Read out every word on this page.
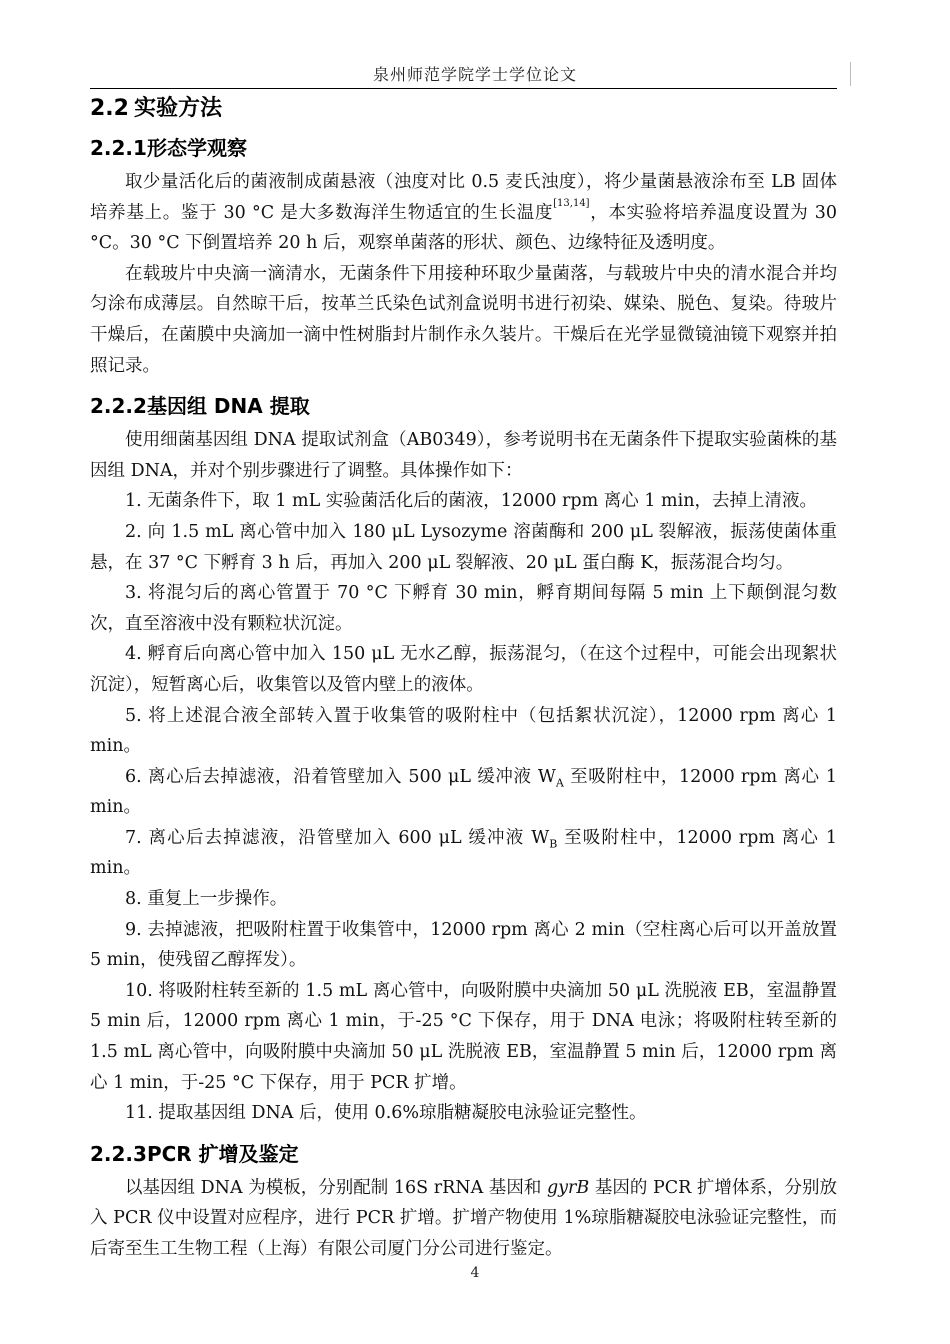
泉州师范学院学士学位论文
2.2 实验方法
2.2.1形态学观察

取少量活化后的菌液制成菌悬液（浊度对比 0.5 麦氏浊度），将少量菌悬液涂布至 LB 固体培养基上。鉴于 30 °C 是大多数海洋生物适宜的生长温度[13,14]，本实验将培养温度设置为 30 °C。30 °C 下倒置培养 20 h 后，观察单菌落的形状、颜色、边缘特征及透明度。

在载玻片中央滴一滴清水，无菌条件下用接种环取少量菌落，与载玻片中央的清水混合并均匀涂布成薄层。自然晾干后，按革兰氏染色试剂盒说明书进行初染、媒染、脱色、复染。待玻片干燥后，在菌膜中央滴加一滴中性树脂封片制作永久装片。干燥后在光学显微镜油镜下观察并拍照记录。

2.2.2基因组 DNA 提取

使用细菌基因组 DNA 提取试剂盒（AB0349），参考说明书在无菌条件下提取实验菌株的基因组 DNA，并对个别步骤进行了调整。具体操作如下：

1. 无菌条件下，取 1 mL 实验菌活化后的菌液，12000 rpm 离心 1 min，去掉上清液。

2. 向 1.5 mL 离心管中加入 180 μL Lysozyme 溶菌酶和 200 μL 裂解液，振荡使菌体重悬，在 37 °C 下孵育 3 h 后，再加入 200 μL 裂解液、20 μL 蛋白酶 K，振荡混合均匀。

3. 将混匀后的离心管置于 70 °C 下孵育 30 min，孵育期间每隔 5 min 上下颠倒混匀数次，直至溶液中没有颗粒状沉淀。

4. 孵育后向离心管中加入 150 μL 无水乙醇，振荡混匀，（在这个过程中，可能会出现絮状沉淀），短暂离心后，收集管以及管内壁上的液体。

5. 将上述混合液全部转入置于收集管的吸附柱中（包括絮状沉淀），12000 rpm 离心 1 min。

6. 离心后去掉滤液，沿着管壁加入 500 μL 缓冲液 $W_A$ 至吸附柱中，12000 rpm 离心 1 min。

7. 离心后去掉滤液，沿管壁加入 600 μL 缓冲液 $W_B$ 至吸附柱中，12000 rpm 离心 1 min。

8. 重复上一步操作。

9. 去掉滤液，把吸附柱置于收集管中，12000 rpm 离心 2 min（空柱离心后可以开盖放置 5 min，使残留乙醇挥发）。

10. 将吸附柱转至新的 1.5 mL 离心管中，向吸附膜中央滴加 50 μL 洗脱液 EB，室温静置 5 min 后，12000 rpm 离心 1 min，于-25 °C 下保存，用于 DNA 电泳；将吸附柱转至新的 1.5 mL 离心管中，向吸附膜中央滴加 50 μL 洗脱液 EB，室温静置 5 min 后，12000 rpm 离心 1 min，于-25 °C 下保存，用于 PCR 扩增。

11. 提取基因组 DNA 后，使用 0.6%琼脂糖凝胶电泳验证完整性。

2.2.3PCR 扩增及鉴定

以基因组 DNA 为模板，分别配制 16S rRNA 基因和 gyrB 基因的 PCR 扩增体系，分别放入 PCR 仪中设置对应程序，进行 PCR 扩增。扩增产物使用 1%琼脂糖凝胶电泳验证完整性，而后寄至生工生物工程（上海）有限公司厦门分公司进行鉴定。

4
